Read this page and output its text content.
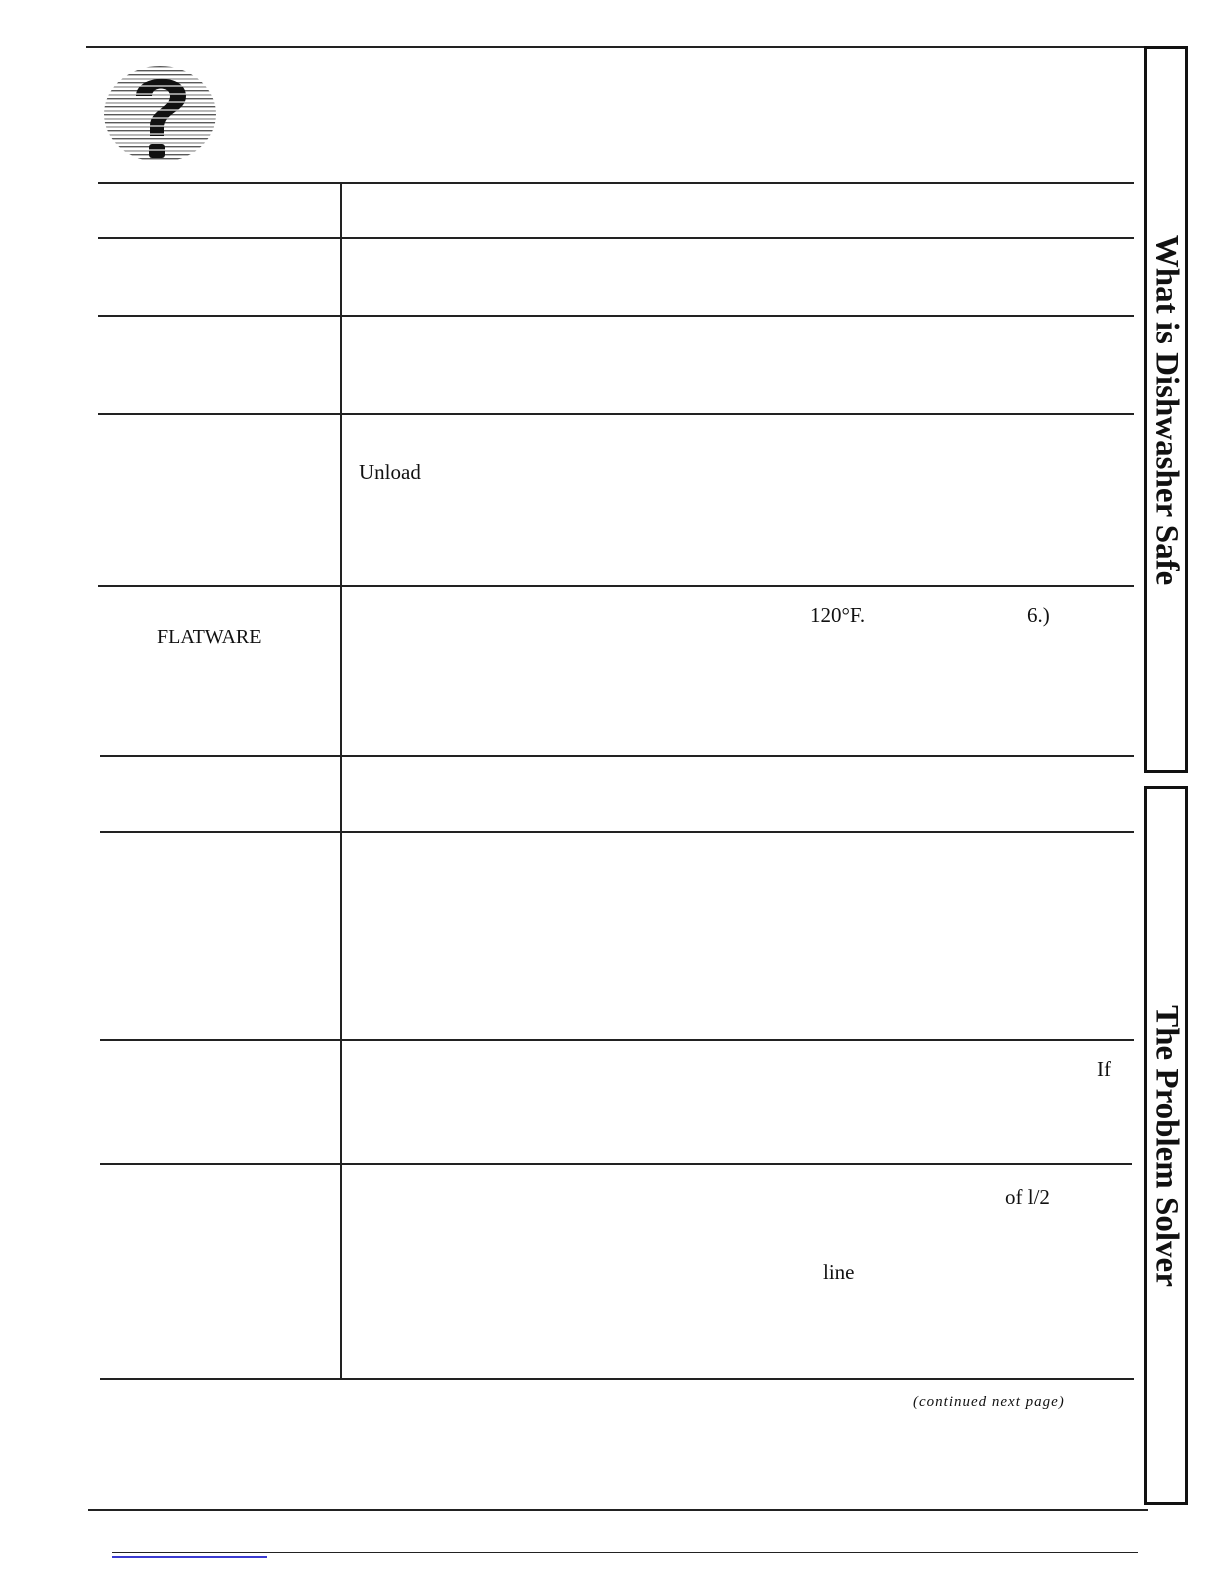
What is Dishwasher Safe
The Problem Solver
Unload
FLATWARE
120°F.	6.)
If
of l/2
line
(continued next page)
